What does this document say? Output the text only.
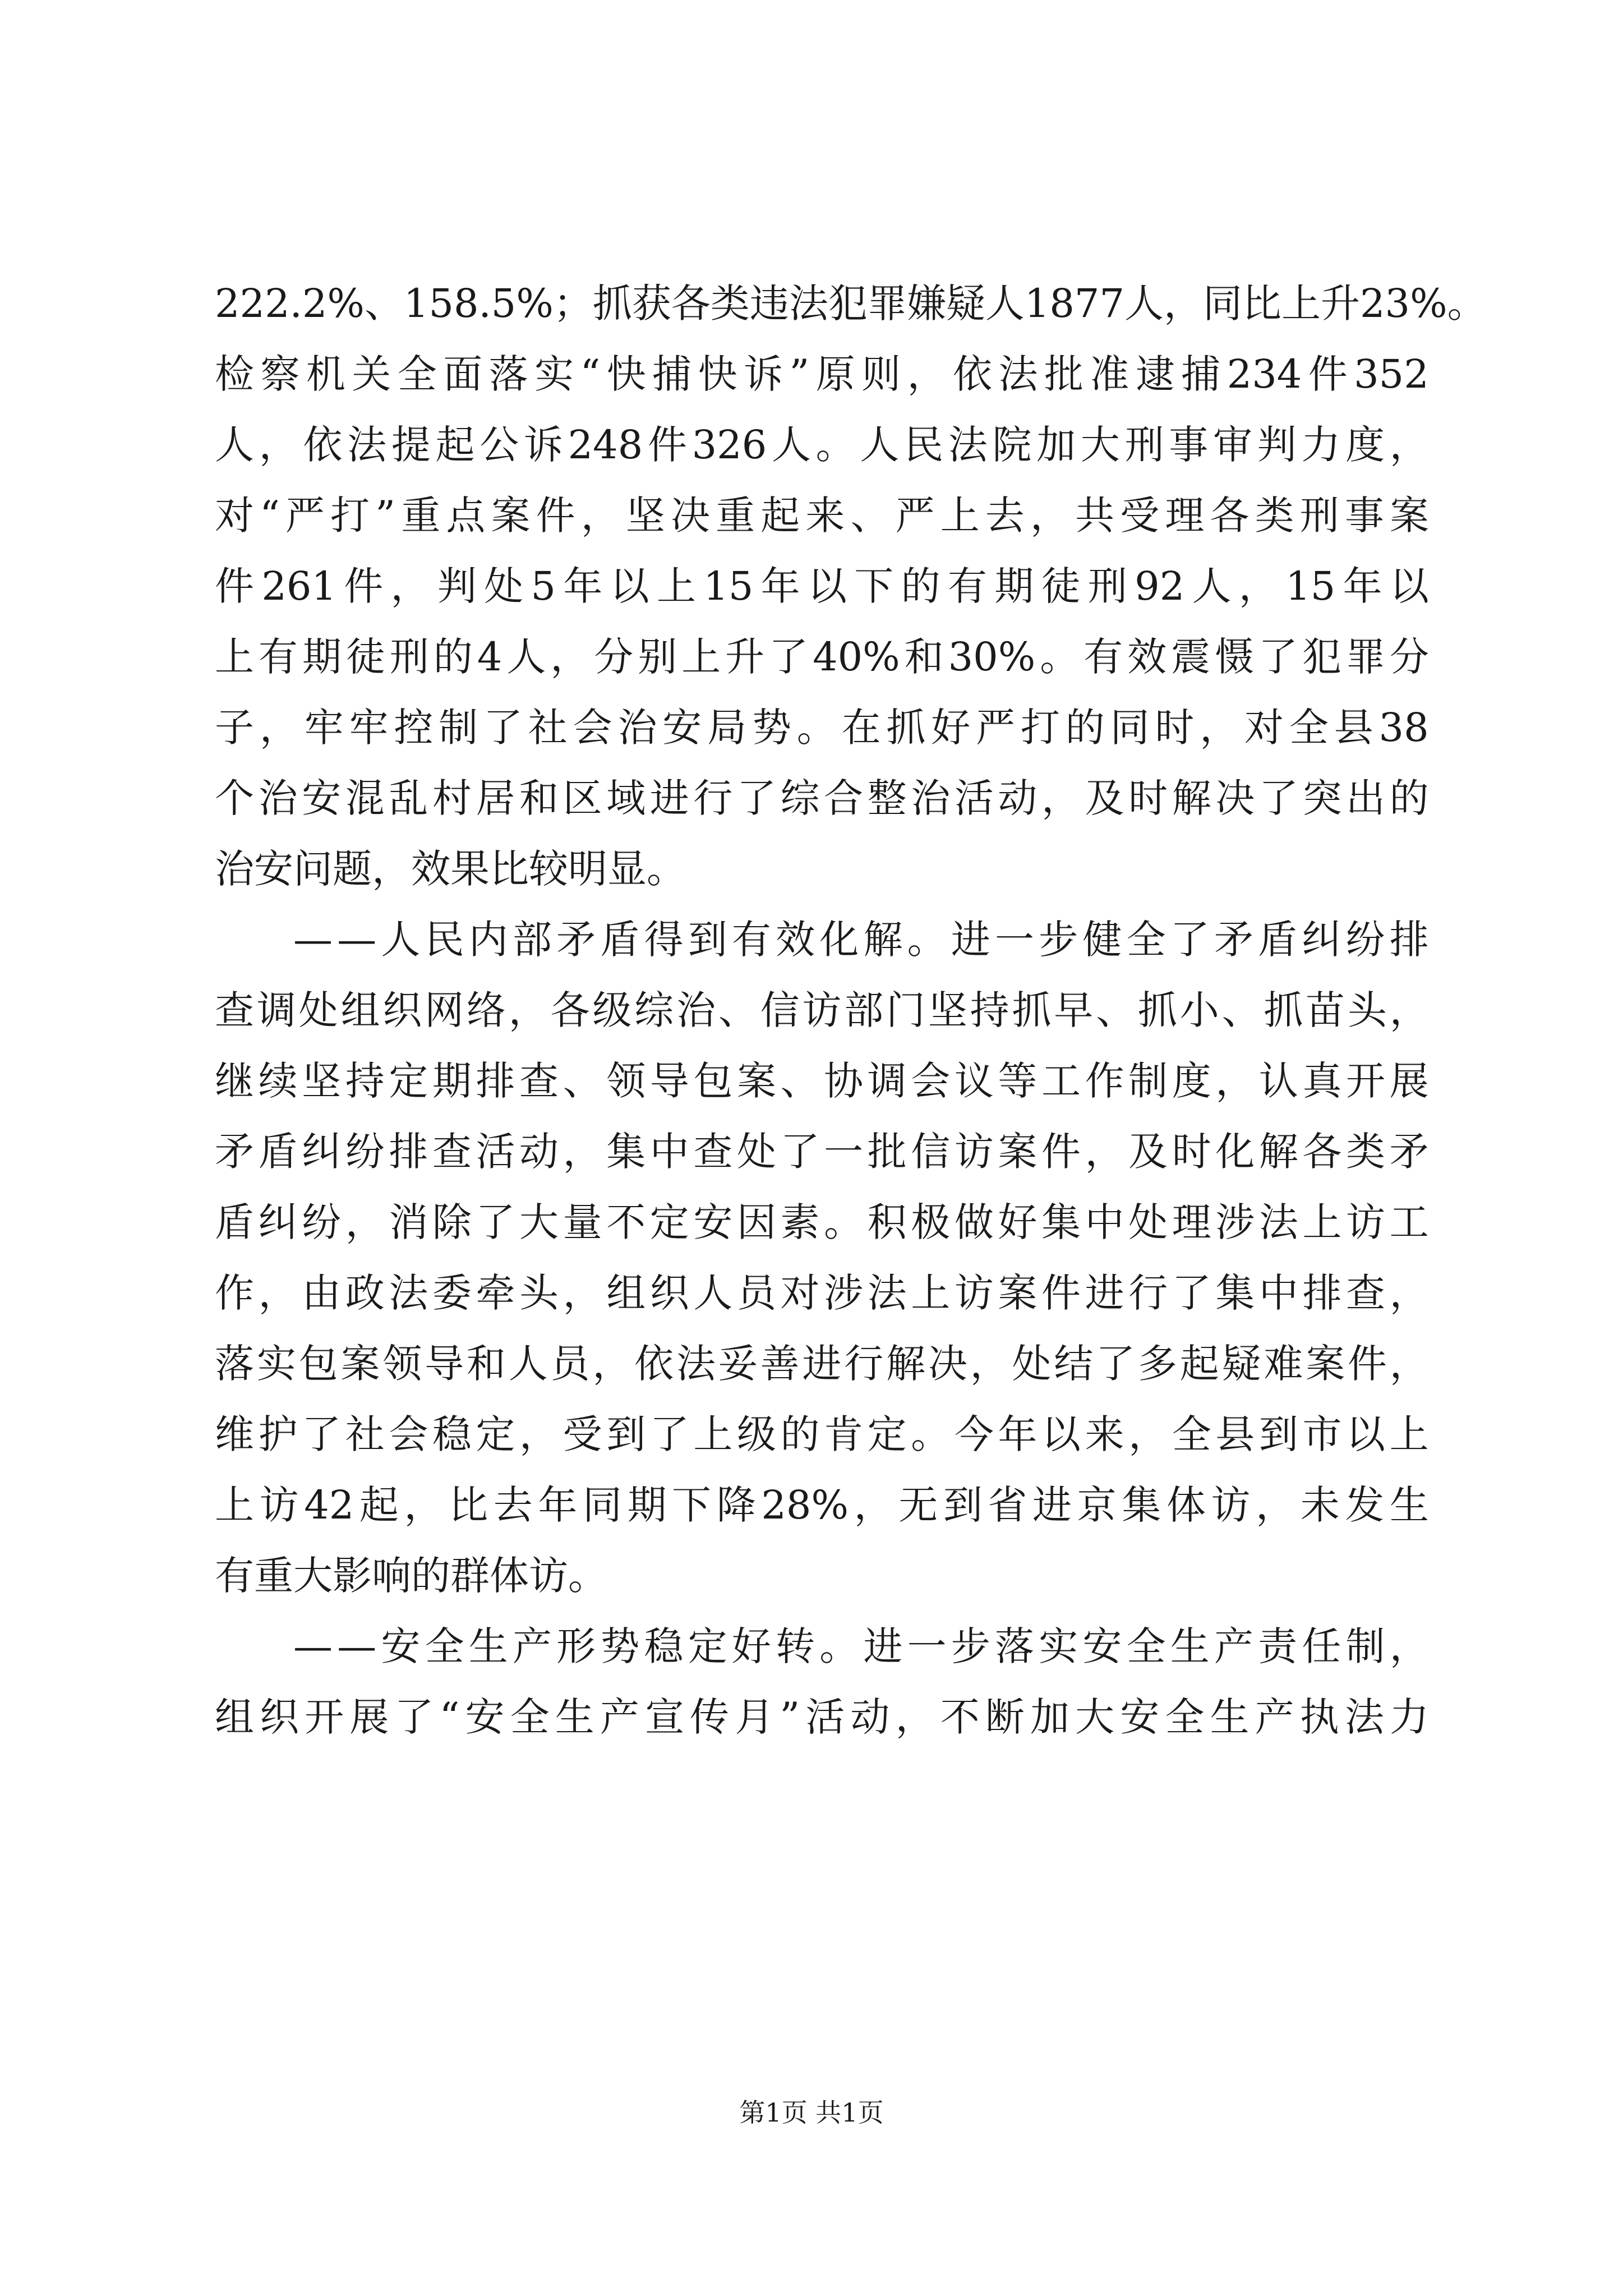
222.2% 、 158.5% ； 抓 获 各 类 违 法 犯 罪 嫌 疑 人 1877 人 ， 同 比 上 升 23% 。
检 察 机 关 全 面 落 实 “ 快 捕 快 诉 ” 原 则 ， 依 法 批 准 逮 捕 234 件 352
人 ， 依 法 提 起 公 诉 248 件 326 人 。 人 民 法 院 加 大 刑 事 审 判 力 度 ，
对 “ 严 打 ” 重 点 案 件 ， 坚 决 重 起 来 、 严 上 去 ， 共 受 理 各 类 刑 事 案
件 261 件 ， 判 处 5 年 以 上 15 年 以 下 的 有 期 徒 刑 92 人 ， 15 年 以
上 有 期 徒 刑 的 4 人 ， 分 别 上 升 了 40% 和 30% 。 有 效 震 慑 了 犯 罪 分
子 ， 牢 牢 控 制 了 社 会 治 安 局 势 。 在 抓 好 严 打 的 同 时 ， 对 全 县 38
个 治 安 混 乱 村 居 和 区 域 进 行 了 综 合 整 治 活 动 ， 及 时 解 决 了 突 出 的
治安问题，效果比较明显。
— — 人 民 内 部 矛 盾 得 到 有 效 化 解 。 进 一 步 健 全 了 矛 盾 纠 纷 排
查 调 处 组 织 网 络 ， 各 级 综 治 、 信 访 部 门 坚 持 抓 早 、 抓 小 、 抓 苗 头 ，
继 续 坚 持 定 期 排 查 、 领 导 包 案 、 协 调 会 议 等 工 作 制 度 ， 认 真 开 展
矛 盾 纠 纷 排 查 活 动 ， 集 中 查 处 了 一 批 信 访 案 件 ， 及 时 化 解 各 类 矛
盾 纠 纷 ， 消 除 了 大 量 不 定 安 因 素 。 积 极 做 好 集 中 处 理 涉 法 上 访 工
作 ， 由 政 法 委 牵 头 ， 组 织 人 员 对 涉 法 上 访 案 件 进 行 了 集 中 排 查 ，
落 实 包 案 领 导 和 人 员 ， 依 法 妥 善 进 行 解 决 ， 处 结 了 多 起 疑 难 案 件 ，
维 护 了 社 会 稳 定 ， 受 到 了 上 级 的 肯 定 。 今 年 以 来 ， 全 县 到 市 以 上
上 访 42 起 ， 比 去 年 同 期 下 降 28% ， 无 到 省 进 京 集 体 访 ， 未 发 生
有重大影响的群体访。
— — 安 全 生 产 形 势 稳 定 好 转 。 进 一 步 落 实 安 全 生 产 责 任 制 ，
组 织 开 展 了 “ 安 全 生 产 宣 传 月 ” 活 动 ， 不 断 加 大 安 全 生 产 执 法 力
第1页 共1页
